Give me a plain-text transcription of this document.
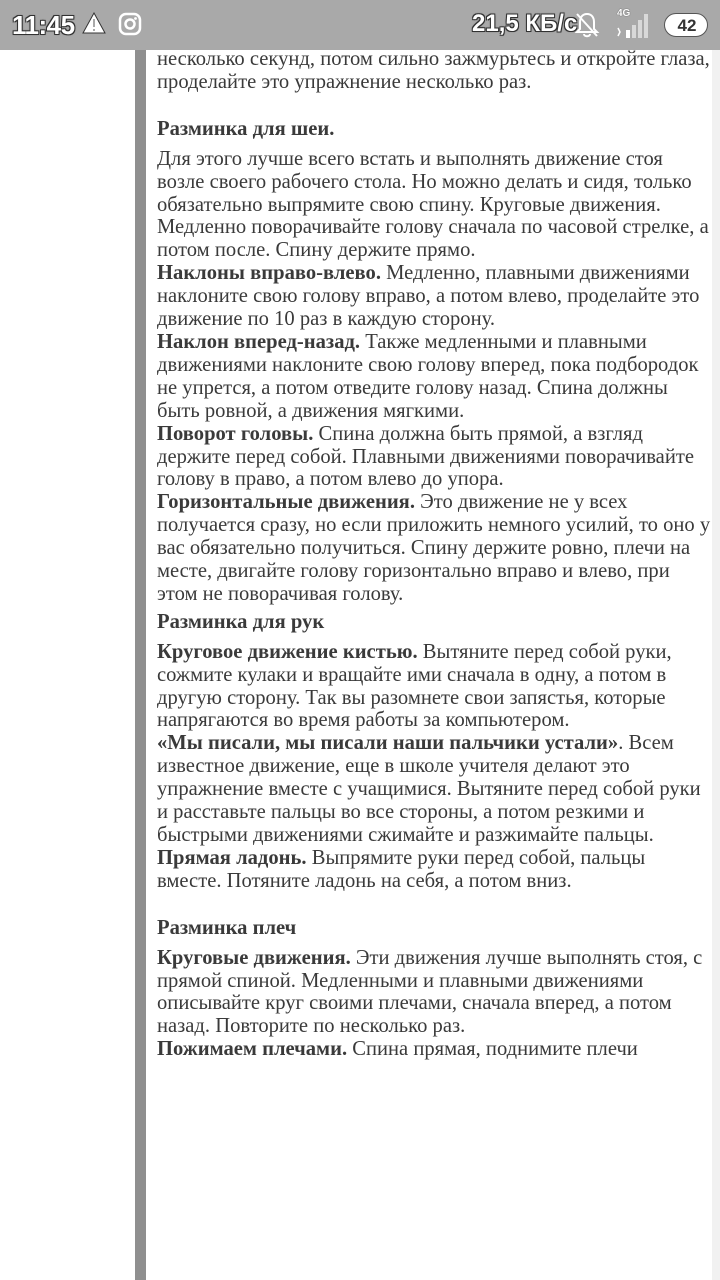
11:45	21,5 КБ/с	4G
42

несколько секунд, потом сильно зажмурьтесь и откройте глаза, проделайте это упражнение несколько раз.

Разминка для шеи.

Для этого лучше всего встать и выполнять движение стоя возле своего рабочего стола. Но можно делать и сидя, только обязательно выпрямите свою спину. Круговые движения. Медленно поворачивайте голову сначала по часовой стрелке, а потом после. Спину держите прямо.

Наклоны вправо-влево. Медленно, плавными движениями наклоните свою голову вправо, а потом влево, проделайте это движение по 10 раз в каждую сторону.

Наклон вперед-назад. Также медленными и плавными движениями наклоните свою голову вперед, пока подбородок не упрется, а потом отведите голову назад. Спина должны быть ровной, а движения мягкими.

Поворот головы. Спина должна быть прямой, а взгляд держите перед собой. Плавными движениями поворачивайте голову в право, а потом влево до упора.

Горизонтальные движения. Это движение не у всех получается сразу, но если приложить немного усилий, то оно у вас обязательно получиться. Спину держите ровно, плечи на месте, двигайте голову горизонтально вправо и влево, при этом не поворачивая голову.

Разминка для рук

Круговое движение кистью. Вытяните перед собой руки, сожмите кулаки и вращайте ими сначала в одну, а потом в другую сторону. Так вы разомнете свои запястья, которые напрягаются во время работы за компьютером.

«Мы писали, мы писали наши пальчики устали». Всем известное движение, еще в школе учителя делают это упражнение вместе с учащимися. Вытяните перед собой руки и расставьте пальцы во все стороны, а потом резкими и быстрыми движениями сжимайте и разжимайте пальцы.

Прямая ладонь. Выпрямите руки перед собой, пальцы вместе. Потяните ладонь на себя, а потом вниз.

Разминка плеч

Круговые движения. Эти движения лучше выполнять стоя, с прямой спиной. Медленными и плавными движениями описывайте круг своими плечами, сначала вперед, а потом назад. Повторите по несколько раз.

Пожимаем плечами. Спина прямая, поднимите плечи
